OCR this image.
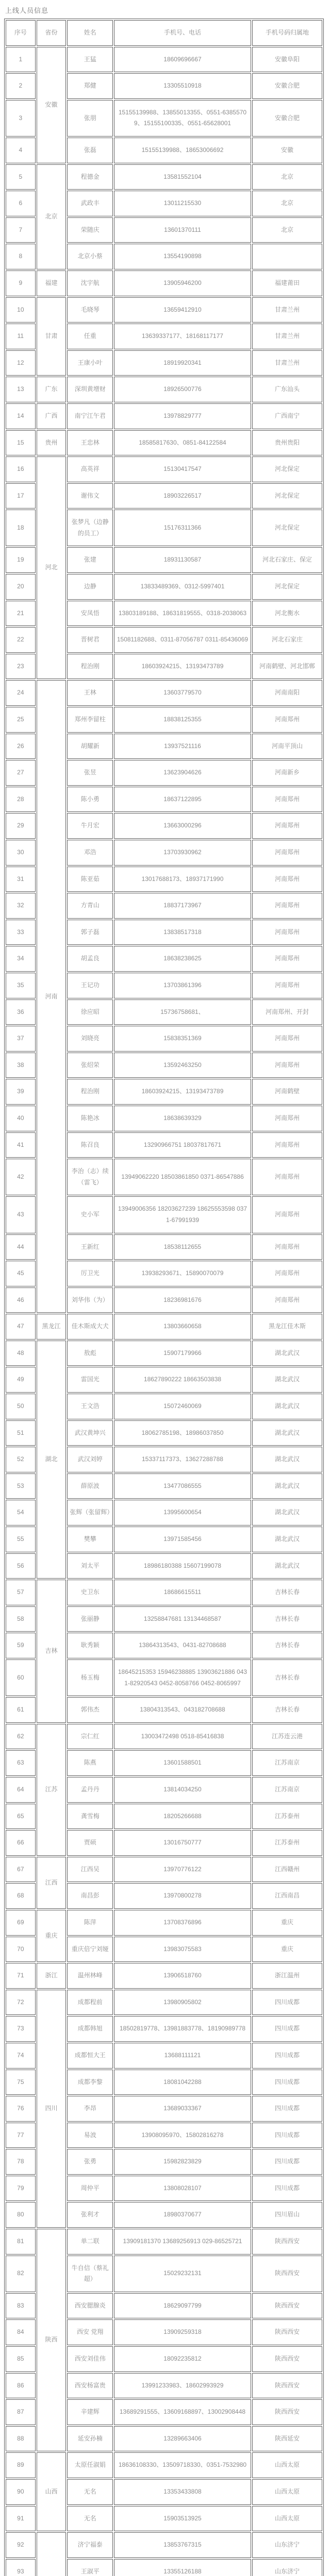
上线人员信息
序号	省份	姓名	手机号、电话	手机号码归属地
1	安徽	王猛	18609696667	安徽阜阳
2		郑健	13305510918	安徽合肥
3		张朋	15155139988、13855013355、0551-63855709、15155100335、0551-65628001	安徽合肥
4		张磊	15155139988、18653006692	安徽
5	北京	程德金	13581552104	北京
6		武政丰	13011215530	北京
7		荣随庆	13601370111	北京
8		北京小蔡	13554190898	
9	福建	沈宇航	13905946200	福建莆田
10	甘肃	毛晓琴	13659412910	甘肃兰州
11		任重	13639337177、18168117177	甘肃兰州
12		王康小叶	18919920341	甘肃兰州
13	广东	深圳黄增财	18926500776	广东汕头
14	广西	南宁江午君	13978829777	广西南宁
15	贵州	王忠林	18585817630、0851-84122584	贵州贵阳
16	河北	高英祥	15130417547	河北保定
17		谢伟文	18903226517	河北保定
18		张梦凡（边静的员工）	15176311366	河北保定
19		张建	18931130587	河北石家庄、保定
20		边静	13833489369、0312-5997401	河北保定
21		安凤悟	13803189188、18631819555、0318-2038063	河北衡水
22		晋树君	15081182688、0311-87056787 0311-85436069	河北石家庄
23		程治刚	18603924215、13193473789	河南鹤壁、河北邯郸
24	河南	王林	13603779570	河南南阳
25		郑州李留柱	18838125355	河南郑州
26		胡耀新	13937521116	河南平顶山
27		张昱	13623904626	河南新乡
28		陈小勇	18637122895	河南郑州
29		牛月宏	13663000296	河南郑州
30		邓浩	13703930962	河南郑州
31		陈亚茹	13017688173、18937171990	河南郑州
32		方青山	18837173967	河南郑州
33		郭子磊	13838517318	河南郑州
34		胡孟良	18638238625	河南郑州
35		王记功	13703861396	河南郑州
36		徐应昭	15736758681、	河南郑州、开封
37		刘晓亮	15838351369	河南郑州
38		张绍荣	13592463250	河南郑州
39		程治刚	18603924215、13193473789	河南鹤壁
40		陈艳冰	18638639329	河南郑州
41		陈召良	13290966751 18037817671	河南郑州
42		李治（志）续（雷飞）	13949062220 18503861850 0371-86547886	河南郑州
43		史小军	13949006356 18203627239 18625553598 0371-67991939	河南郑州
44		王新红	18538112655	河南郑州
45		厉卫光	13938293671、15890070079	河南郑州
46		刘华伟（为）	18236981676	河南郑州
47	黑龙江	佳木斯成大犬	13803660658	黑龙江佳木斯
48	湖北	敖彪	15907179966	湖北武汉
49		雷国光	18627890222 18663503838	湖北武汉
50		王文浩	15072460069	湖北武汉
51		武汉黄坤兴	18062785198、18986037850	湖北武汉
52		武汉刘婷	15337117373、13627288788	湖北武汉
53		薛原波	13477086555	湖北武汉
54		张辉（张留辉）	13995600654	湖北武汉
55		樊攀	13971585456	湖北武汉
56		刘太平	18986180388 15607199078	湖北武汉
57	吉林	史卫东	18686615511	吉林长春
58		张丽静	13258847681 13134468587	吉林长春
59		耿秀颖	13864313543、0431-82708688	吉林长春
60		杨玉梅	18645215353 15946238885 13903621886 0431-82920543 0452-8058766 0452-8065997	吉林长春
61		郭伟杰	13804313543、043182708688	吉林长春
62	江苏	宗仁红	13003472498 0518-85416838	江苏连云港
63		陈燕	13601588501	江苏南京
64		孟丹丹	13814034250	江苏南京
65		龚雪梅	18205266688	江苏泰州
66		贾硕	13016750777	江苏泰州
67	江西	江西吴	13970776122	江西赣州
68		南昌彭	13970800278	江西南昌
69	重庆	陈萍	13708376896	重庆
70		重庆倍宁刘娅	13983075583	重庆
71	浙江	温州林峰	13906518760	浙江温州
72	四川	成都程前	13980905802	四川成都
73		成都韩旭	18502819778、13981883778、18190989778	四川成都
74		成都恒大王	13688111121	四川成都
75		成都李黎	18081042288	四川成都
76		李昂	13689033367	四川成都
77		易波	13908095970、15802816278	四川成都
78		张勇	15982823829	四川成都
79		周仲平	13808028107	四川成都
80		张利才	18980370677	四川眉山
81	陕西	单二联	13909181370 13689256913 029-86525721	陕西西安
82		牛自信（蔡礼超）	15029232131	陕西西安
83		西安腮腺炎	18629097799	陕西西安
84		西安 党翔	13909259318	陕西西安
85		西安刘佳伟	18092235812	陕西西安
86		西安杨富贵	13991233983、18602993929	陕西西安
87		辛建辉	13689291555、13609168897、13002908448	陕西西安
88		延安孙楠	13289663406	陕西延安
89	山西	太原任淑娟	18636108330、13509718330、0351-7532980	山西太原
90		无名	13353433808	山西太原
91		无名	15903513925	山西太原
92		济宁福泰	13853767315	山东济宁
93		王淑平	13355126188	山东济宁
